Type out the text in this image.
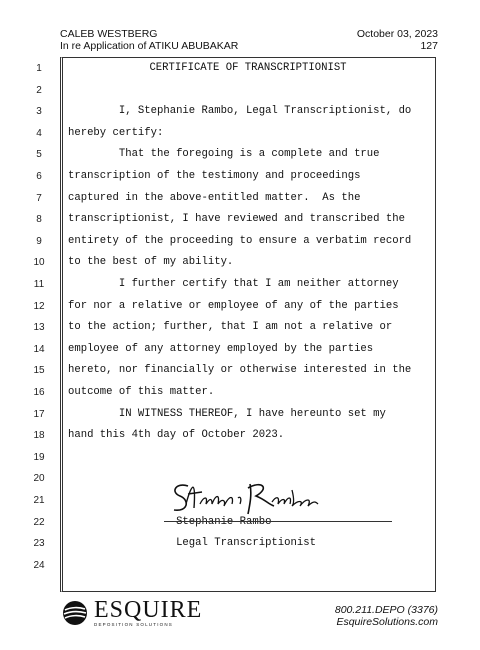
CALEB WESTBERG
In re Application of ATIKU ABUBAKAR
October 03, 2023
127
1	CERTIFICATE OF TRANSCRIPTIONIST
2
3	I, Stephanie Rambo, Legal Transcriptionist, do
4	hereby certify:
5	That the foregoing is a complete and true
6	transcription of the testimony and proceedings
7	captured in the above-entitled matter.  As the
8	transcriptionist, I have reviewed and transcribed the
9	entirety of the proceeding to ensure a verbatim record
10	to the best of my ability.
11	I further certify that I am neither attorney
12	for nor a relative or employee of any of the parties
13	to the action; further, that I am not a relative or
14	employee of any attorney employed by the parties
15	hereto, nor financially or otherwise interested in the
16	outcome of this matter.
17	IN WITNESS THEREOF, I have hereunto set my
18	hand this 4th day of October 2023.
19
20
21
22	Stephanie Rambo
23	Legal Transcriptionist
24
ESQUIRE
DEPOSITION SOLUTIONS
800.211.DEPO (3376)
EsquireSolutions.com
